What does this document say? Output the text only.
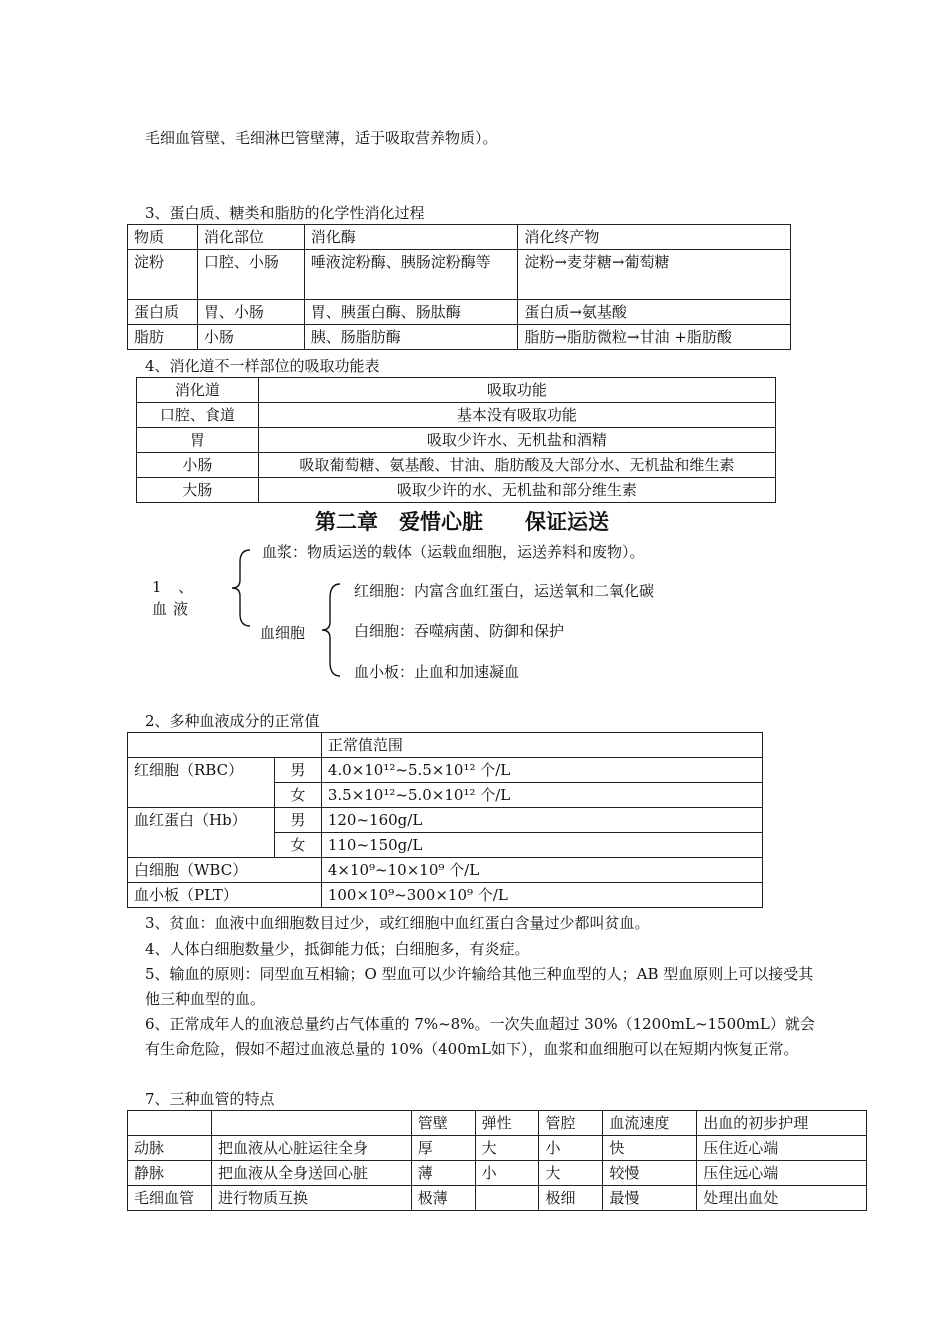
毛细血管壁、毛细淋巴管壁薄，适于吸取营养物质）。
3、蛋白质、糖类和脂肪的化学性消化过程
物质	消化部位	消化酶	消化终产物
淀粉	口腔、小肠	唾液淀粉酶、胰肠淀粉酶等	淀粉→麦芽糖→葡萄糖
蛋白质	胃、小肠	胃、胰蛋白酶、肠肽酶	蛋白质→氨基酸
脂肪	小肠	胰、肠脂肪酶	脂肪→脂肪微粒→甘油 +脂肪酸
4、消化道不一样部位的吸取功能表
消化道	吸取功能
口腔、食道	基本没有吸取功能
胃	吸取少许水、无机盐和酒精
小肠	吸取葡萄糖、氨基酸、甘油、脂肪酸及大部分水、无机盐和维生素
大肠	吸取少许的水、无机盐和部分维生素
第二章　爱惜心脏　　保证运送
1 、 血液
血浆：物质运送的载体（运载血细胞，运送养料和废物）。
血细胞
红细胞：内富含血红蛋白，运送氧和二氧化碳
白细胞：吞噬病菌、防御和保护
血小板：止血和加速凝血
2、多种血液成分的正常值
		正常值范围
红细胞（RBC）	男	4.0×10¹²~5.5×10¹² 个/L
	女	3.5×10¹²~5.0×10¹² 个/L
血红蛋白（Hb）	男	120~160g/L
	女	110~150g/L
白细胞（WBC）		4×10⁹~10×10⁹ 个/L
血小板（PLT）		100×10⁹~300×10⁹ 个/L
3、贫血：血液中血细胞数目过少，或红细胞中血红蛋白含量过少都叫贫血。
4、人体白细胞数量少，抵御能力低；白细胞多，有炎症。
5、输血的原则：同型血互相输；O 型血可以少许输给其他三种血型的人；AB 型血原则上可以接受其他三种血型的血。
6、正常成年人的血液总量约占气体重的 7%~8%。一次失血超过 30%（1200mL~1500mL）就会有生命危险，假如不超过血液总量的 10%（400mL如下），血浆和血细胞可以在短期内恢复正常。
7、三种血管的特点
		管壁	弹性	管腔	血流速度	出血的初步护理
动脉	把血液从心脏运往全身	厚	大	小	快	压住近心端
静脉	把血液从全身送回心脏	薄	小	大	较慢	压住远心端
毛细血管	进行物质互换	极薄		极细	最慢	处理出血处
